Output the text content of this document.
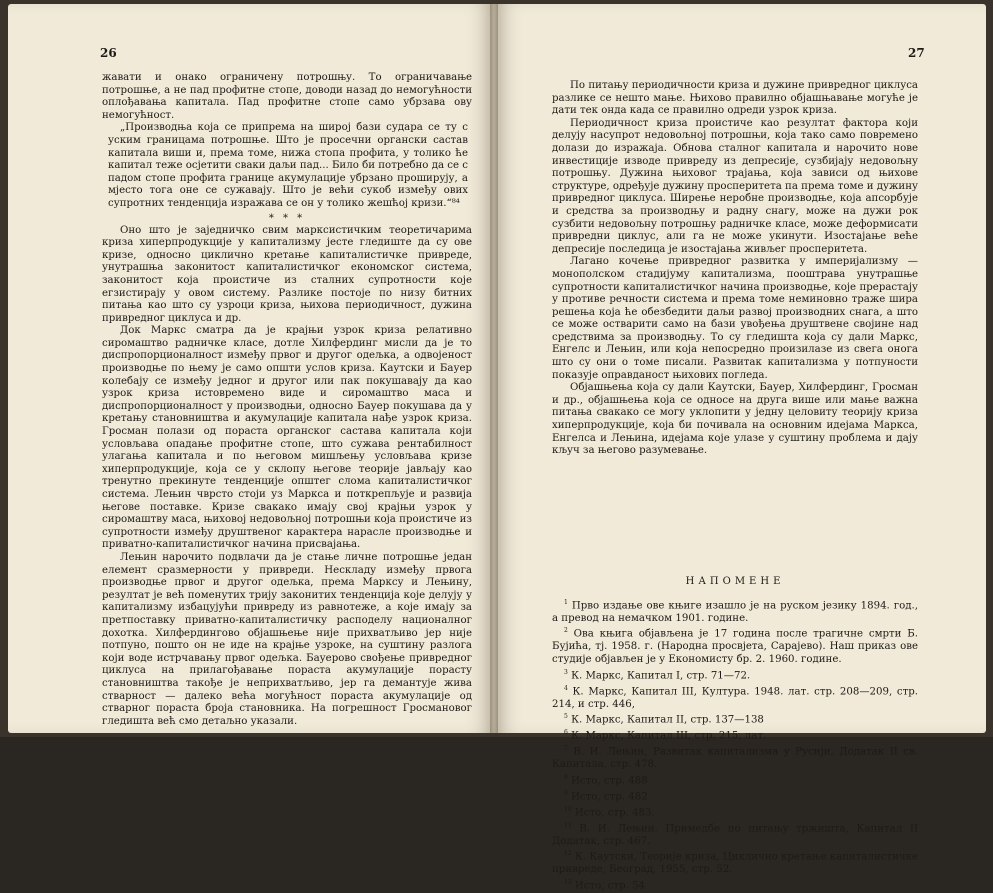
26

жавати и онако ограничену потрошњу. То ограничавање потрошње, а не пад профитне стопе, доводи назад до немогућности оплођавања капитала. Пад профитне стопе само убрзава ову немогућност.

„Производња која се припрема на широј бази судара се ту с уским границама потрошње. Што је просечни органски састав капитала виши и, према томе, нижа стопа профита, у толико ће капитал теже осјетити сваки даљи пад... Било би потребно да се с падом стопе профита границе акумулације убрзано проширују, а мјесто тога оне се сужавају. Што је већи сукоб између ових супротних тенденција изражава се он у толико жешћој кризи.“⁸⁴

* * *

Оно што је заједничко свим марксистичким теоретичарима криза хиперпродукције у капитализму јесте гледиште да су ове кризе, односно циклично кретање капиталистичке привреде, унутрашња законитост капиталистичког економског система, законитост која проистиче из сталних супротности које егзистирају у овом систему. Разлике постоје по низу битних питања као што су узроци криза, њихова периодичност, дужина привредног циклуса и др.

Док Маркс сматра да је крајњи узрок криза релативно сиромаштво радничке класе, дотле Хилфердинг мисли да је то диспропорционалност између првог и другог одељка, а одвојеност производње по њему је само општи услов криза. Каутски и Бауер колебају се између једног и другог или пак покушавају да као узрок криза истовремено виде и сиромаштво маса и диспропорционалност у производњи, односно Бауер покушава да у кретању становништва и акумулације капитала нађе узрок криза. Гросман полази од пораста органског састава капитала који условљава опадање профитне стопе, што сужава рентабилност улагања капитала и по његовом мишљењу условљава кризе хиперпродукције, која се у склопу његове теорије јављају као тренутно прекинуте тенденције општег слома капиталистичког система. Лењин чврсто стоји уз Маркса и поткрепљује и развија његове поставке. Кризе свакако имају свој крајњи узрок у сиромаштву маса, њиховој недовољној потрошњи која проистиче из супротности између друштвеног карактера нараслe производње и приватно-капиталистичког начина присвајања.

Лењин нарочито подвлачи да је стање личне потрошње један елемент сразмерности у привреди. Нескладу између првога производње првог и другог одељка, према Марксу и Лењину, резултат је већ поменутих трију законитих тенденција које делују у капитализму избацујући привреду из равнотеже, а које имају за претпоставку приватно-капиталистичку расподелу националног дохотка. Хилфердингово објашњење није прихватљиво јер није потпуно, пошто он не иде на крајње узроке, на суштину разлога који воде истрчавању првог одељка. Бауерово свођење привредног циклуса на прилагођавање пораста акумулације порасту становништва такође је неприхватљиво, јер га демантује жива стварност — далеко већа могућност пораста акумулације од стварног пораста броја становника. На погрешност Гросмановог гледишта већ смо детаљно указали.

27

По питању периодичности криза и дужине привредног циклуса разлике се нешто мање. Њихово правилно објашњавање могуће је дати тек онда када се правилно одреди узрок криза.

Периодичност криза проистиче као резултат фактора који делују насупрот недовољној потрошњи, која тако само повремено долази до изражаја. Обнова сталног капитала и нарочито нове инвестиције изводе привреду из депресије, сузбијају недовољну потрошњу. Дужина њиховог трајања, која зависи од њихове структуре, одређује дужину просперитета па према томе и дужину привредног циклуса. Ширење нерoбне производње, која апсорбује и средства за производњу и радну снагу, може на дужи рок сузбити недовољну потрошњу радничке класе, може деформисати привредни циклус, али га не може укинути. Изостајање веће депресије последица је изостајања живљег просперитета.

Лагано кочење привредног развитка у империјализму — монополском стадијуму капитализма, пооштрава унутрашње супротности капиталистичког начина производње, које прерастају у противе речности система и према томе неминовно траже шира решења која ће обезбедити даљи развој производних снага, а што се може остварити само на бази увођења друштвене својине над средствима за производњу. То су гледишта која су дали Маркс, Енгелс и Лењин, или која непосредно произилазе из свега онога што су они о томе писали. Развитак капитализма у потпуности показује оправданост њихових погледа.

Објашњења која су дали Каутски, Бауер, Хилфердинг, Гросман и др., објашњења која се односе на друга више или мање важна питања свакако се могу уклопити у једну целовиту теорију криза хиперпродукције, која би почивала на основним идејама Маркса, Енгелса и Лењина, идејама које улазе у суштину проблема и дају кључ за његово разумевање.

НАПОМЕНЕ

$^1$ Прво издање ове књиге изашло је на руском језику 1894. год., а превод на немачком 1901. године.

$^2$ Ова књига објављена је 17 година после трагичне смрти Б. Бујића, тј. 1958. г. (Народна просвјета, Сарајево). Наш приказ ове студије објављен је у Економисту бр. 2. 1960. године.

$^3$ К. Маркс, Капитал I, стр. 71—72.

$^4$ К. Маркс, Капитал III, Култура. 1948. лат. стр. 208—209, стр. 214, и стр. 446,

$^5$ К. Маркс, Капитал II, стр. 137—138

$^6$ К. Маркс, Капитал III, стр. 215, лат.

$^7$ В. И. Лењин, Развитак капитализма у Русији, Додатак II св. Капитала, стр. 478.

$^8$ Исто, стр. 488

$^9$ Исто, стр. 482

$^{10}$ Исто, стр. 483.

$^{11}$ В. И. Лењин. Примедбе по питању тржишта, Капитал II Додатак, стр. 467.

$^{12}$ К. Каутски, Теорије криза, Циклично кретање капиталистичке привреде, Београд, 1955, стр. 52.

$^{13}$ Исто, стр. 54
